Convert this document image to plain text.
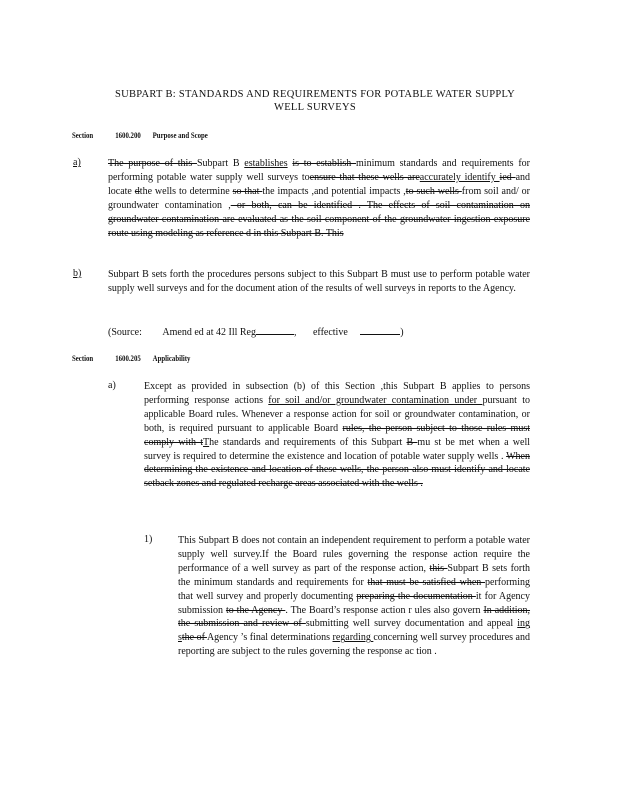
SUBPART B: STANDARDS AND REQUIREMENTS FOR POTABLE WATER SUPPLY
WELL SURVEYS
Section	1600.200 Purpose and Scope
a)	The purpose of this Subpart B establishes is to establish minimum standards and requirements for performing potable water supply well surveys toensure that these wells areaccurately identify ied and locate dthe wells to determine so that the impacts ,and potential impacts ,to such wells from soil and/ or groundwater contamination , or both, can be identified . The effects of soil contamination on groundwater contamination are evaluated as the soil component of the groundwater ingestion exposure route using modeling as reference d in this Subpart B. This
b)	Subpart B sets forth the procedures persons subject to this Subpart B must use to perform potable water supply well surveys and for the document ation of the results of well surveys in reports to the Agency.
(Source: Amend ed at 42 Ill Reg	, effective	)
Section	1600.205 Applicability
a)	Except as provided in subsection (b) of this Section ,this Subpart B applies to persons performing response actions for soil and/or groundwater contamination under pursuant to applicable Board rules. Whenever a response action for soil or groundwater contamination, or both, is required pursuant to applicable Board rules, the person subject to those rules must comply with tThe standards and requirements of this Subpart B mu st be met when a well survey is required to determine the existence and location of potable water supply wells . When determining the existence and location of these wells, the person also must identify and locate setback zones and regulated recharge areas associated with the wells .
1)	This Subpart B does not contain an independent requirement to perform a potable water supply well survey.If the Board rules governing the response action require the performance of a well survey as part of the response action, this Subpart B sets forth the minimum standards and requirements for that must be satisfied when performing that well survey and properly documenting preparing the documentation it for Agency submission to the Agency . The Board’s response action r ules also govern In addition, the submission and review of submitting well survey documentation and appeal ing sthe of Agency ’s final determinations regarding concerning well survey procedures and reporting are subject to the rules governing the response ac tion .
